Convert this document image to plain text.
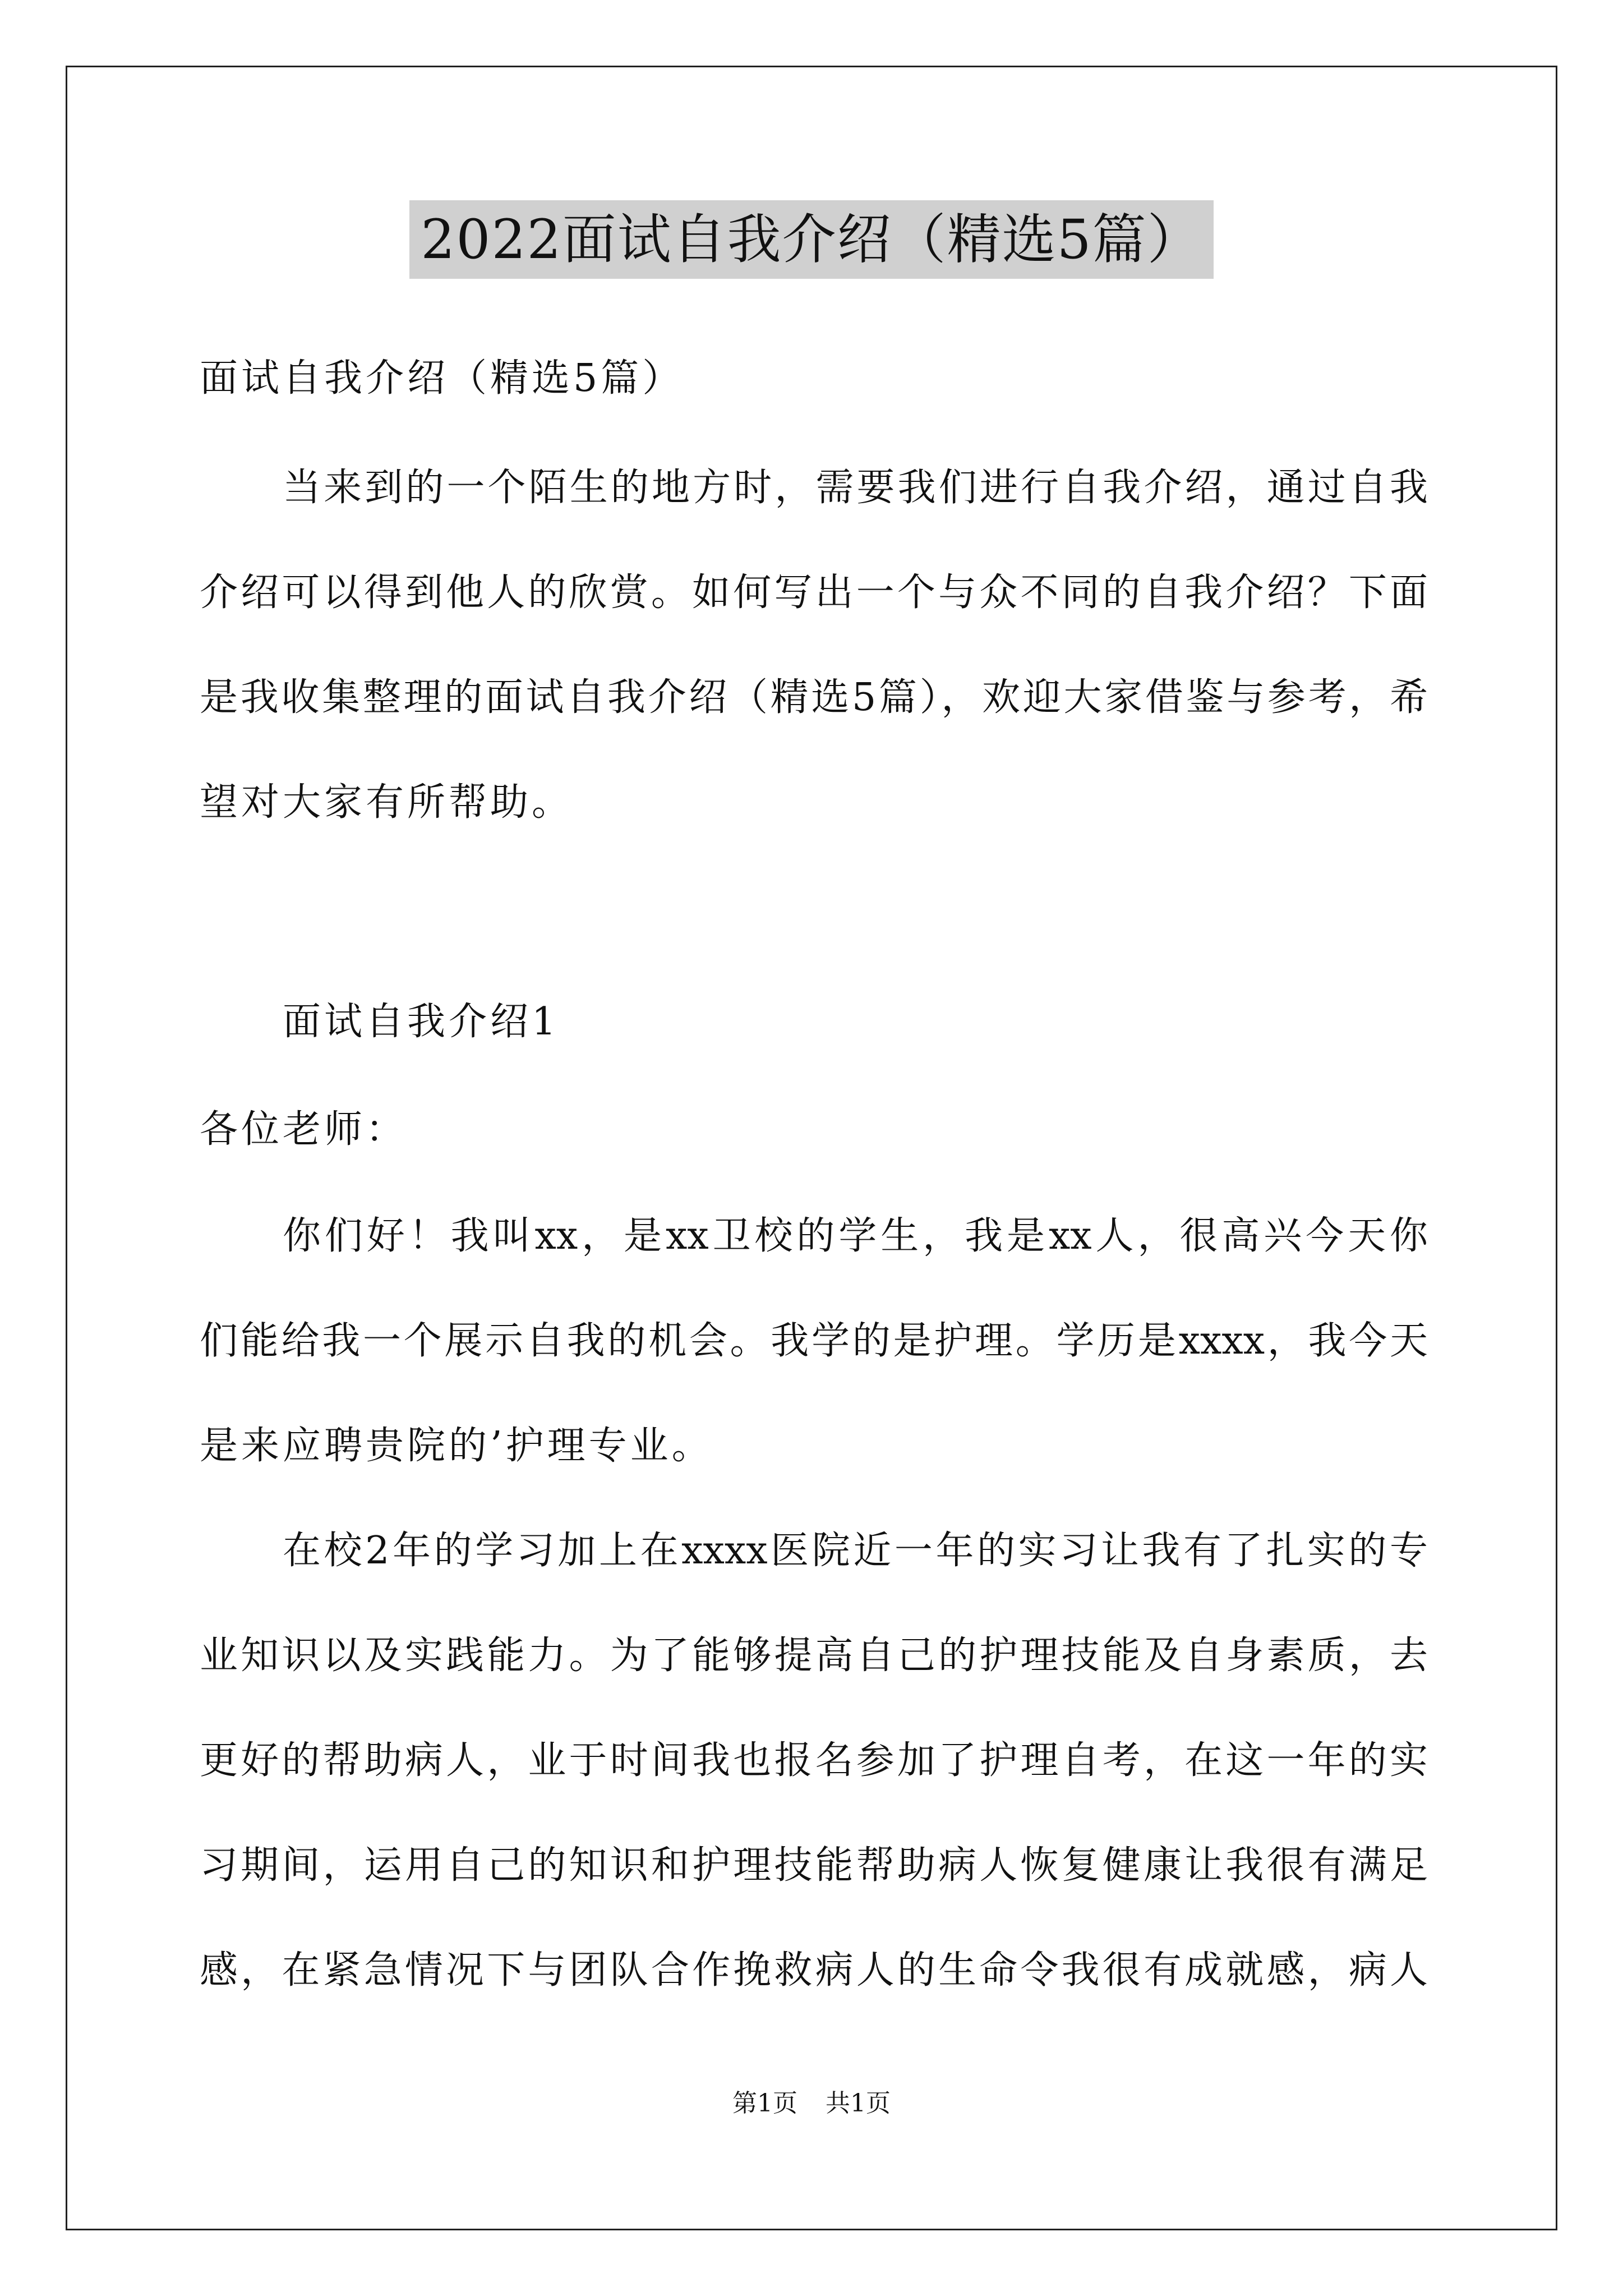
2022面试自我介绍（精选5篇）
面试自我介绍（精选5篇）
当来到的一个陌生的地方时，需要我们进行自我介绍，通过自我
介绍可以得到他人的欣赏。如何写出一个与众不同的自我介绍？下面
是我收集整理的面试自我介绍（精选5篇），欢迎大家借鉴与参考，希
望对大家有所帮助。
面试自我介绍1
各位老师：
你们好！我叫xx，是xx卫校的学生，我是xx人，很高兴今天你
们能给我一个展示自我的机会。我学的是护理。学历是xxxx，我今天
是来应聘贵院的’护理专业。
在校2年的学习加上在xxxx医院近一年的实习让我有了扎实的专
业知识以及实践能力。为了能够提高自己的护理技能及自身素质，去
更好的帮助病人，业于时间我也报名参加了护理自考，在这一年的实
习期间，运用自己的知识和护理技能帮助病人恢复健康让我很有满足
感，在紧急情况下与团队合作挽救病人的生命令我很有成就感，病人
第1页 共1页
